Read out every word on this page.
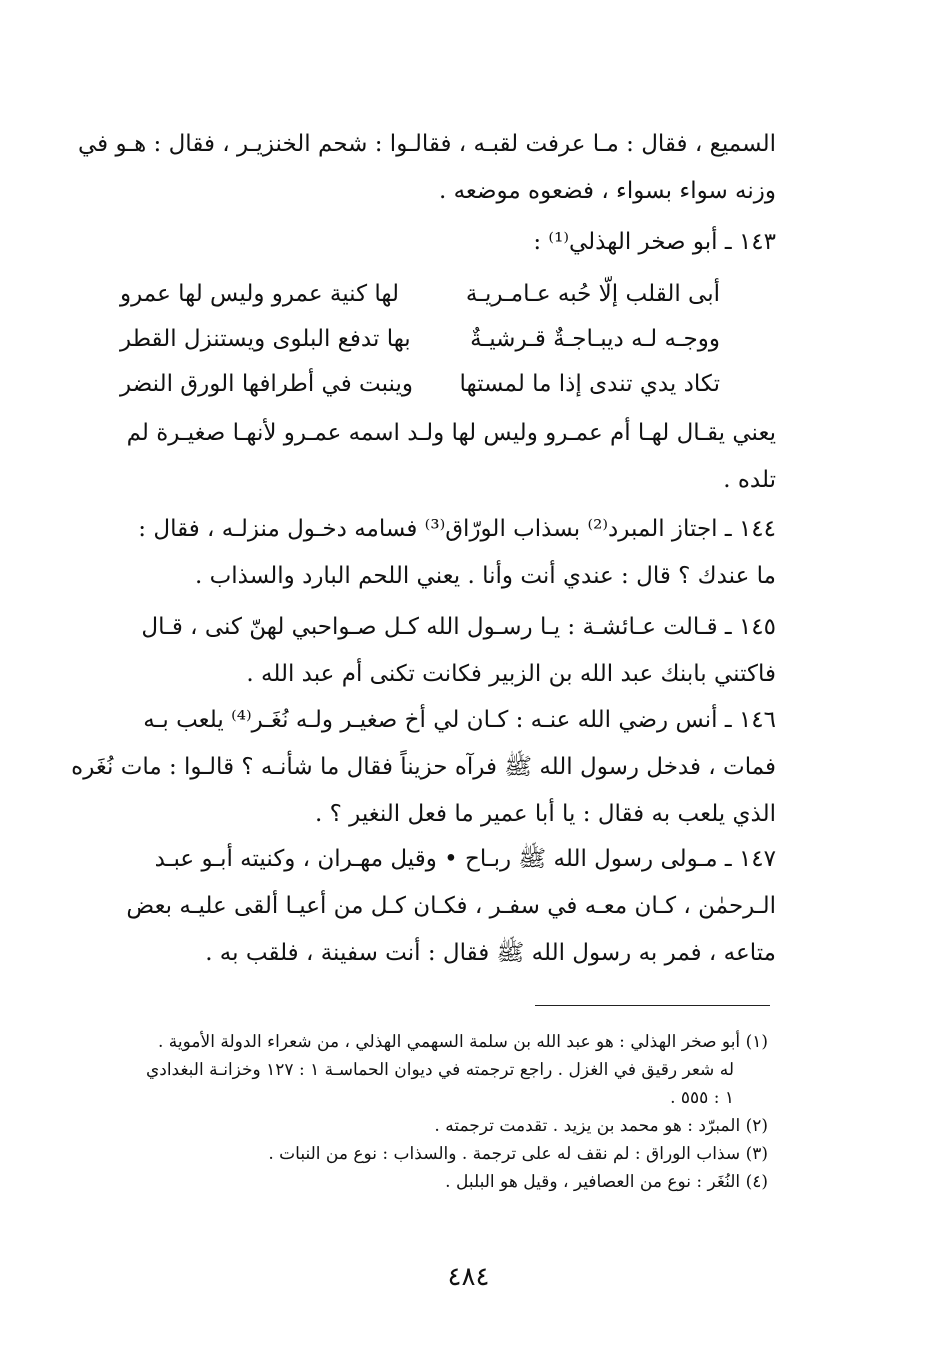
السميع ، فقال : مـا عرفت لقبـه ، فقالـوا : شحم الخنزيـر ، فقال : هـو في

وزنه سواء بسواء ، فضعوه موضعه .

١٤٣ ـ أبو صخر الهذلي⁽¹⁾ :

أبى القلب إلّا حُبه عـامـريـة
لها كنية عمرو وليس لها عمرو
ووجـه لـه ديبـاجـةٌ قـرشيـةٌ
بها تدفع البلوى ويستنزل القطر
تكاد يدي تندى إذا ما لمستها
وينبت في أطرافها الورق النضر

يعني يقـال لهـا أم عمـرو وليس لها ولـد اسمه عمـرو لأنهـا صغيـرة لم

تلده .

١٤٤ ـ اجتاز المبرد⁽²⁾ بسذاب الورّاق⁽³⁾ فسامه دخـول منزلـه ، فقال :

ما عندك ؟ قال : عندي أنت وأنا . يعني اللحم البارد والسذاب .

١٤٥ ـ قـالت عـائشـة : يـا رسـول الله كـل صـواحبي لهنّ كنى ، قـال

فاكتني بابنك عبد الله بن الزبير فكانت تكنى أم عبد الله .

١٤٦ ـ أنس رضي الله عنـه : كـان لي أخ صغيـر ولـه نُغَـر⁽⁴⁾ يلعب بـه

فمات ، فدخل رسول الله ﷺ فرآه حزيناً فقال ما شأنـه ؟ قالـوا : مات نُغَره

الذي يلعب به فقال : يا أبا عمير ما فعل النغير ؟ .

١٤٧ ـ مـولى رسول الله ﷺ ربـاح • وقيل مهـران ، وكنيته أبـو عبـد

الـرحمٰن ، كـان معـه في سفـر ، فكـان كـل من أعيـا ألقى عليـه بعض

متاعه ، فمر به رسول الله ﷺ فقال : أنت سفينة ، فلقب به .

(١) أبو صخر الهذلي : هو عبد الله بن سلمة السهمي الهذلي ، من شعراء الدولة الأموية .

له شعر رقيق في الغزل . راجع ترجمته في ديوان الحماسـة ١ : ١٢٧ وخزانـة البغدادي

١ : ٥٥٥ .

(٢) المبرّد : هو محمد بن يزيد . تقدمت ترجمته .

(٣) سذاب الوراق : لم نقف له على ترجمة . والسذاب : نوع من النبات .

(٤) النُغَر : نوع من العصافير ، وقيل هو البلبل .

٤٨٤
